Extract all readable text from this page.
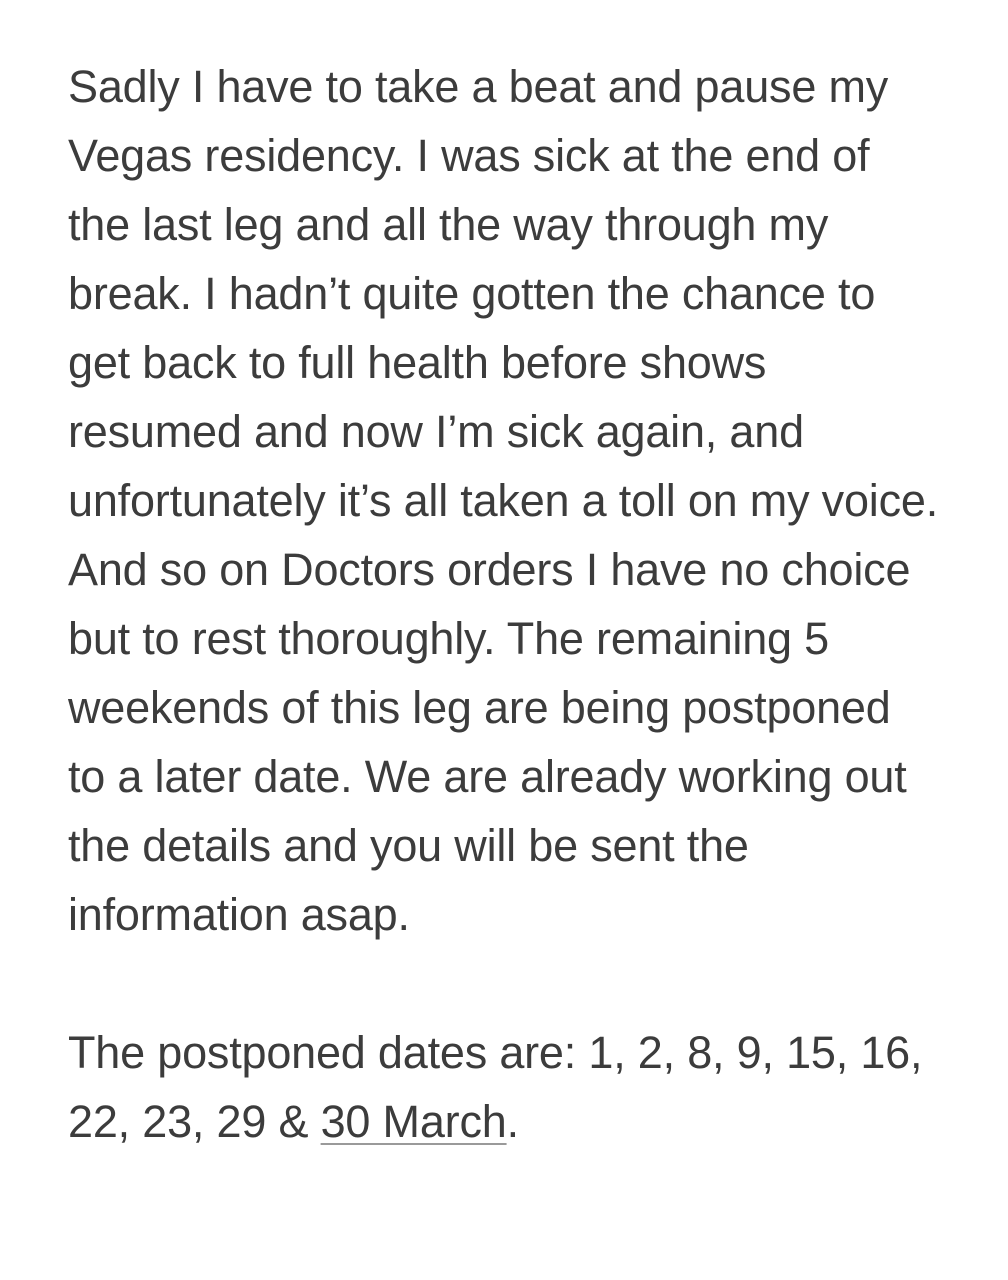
Sadly I have to take a beat and pause my Vegas residency. I was sick at the end of the last leg and all the way through my break. I hadn’t quite gotten the chance to get back to full health before shows resumed and now I’m sick again, and unfortunately it’s all taken a toll on my voice. And so on Doctors orders I have no choice but to rest thoroughly. The remaining 5 weekends of this leg are being postponed to a later date. We are already working out the details and you will be sent the information asap.

The postponed dates are: 1, 2, 8, 9, 15, 16, 22, 23, 29 & 30 March.
